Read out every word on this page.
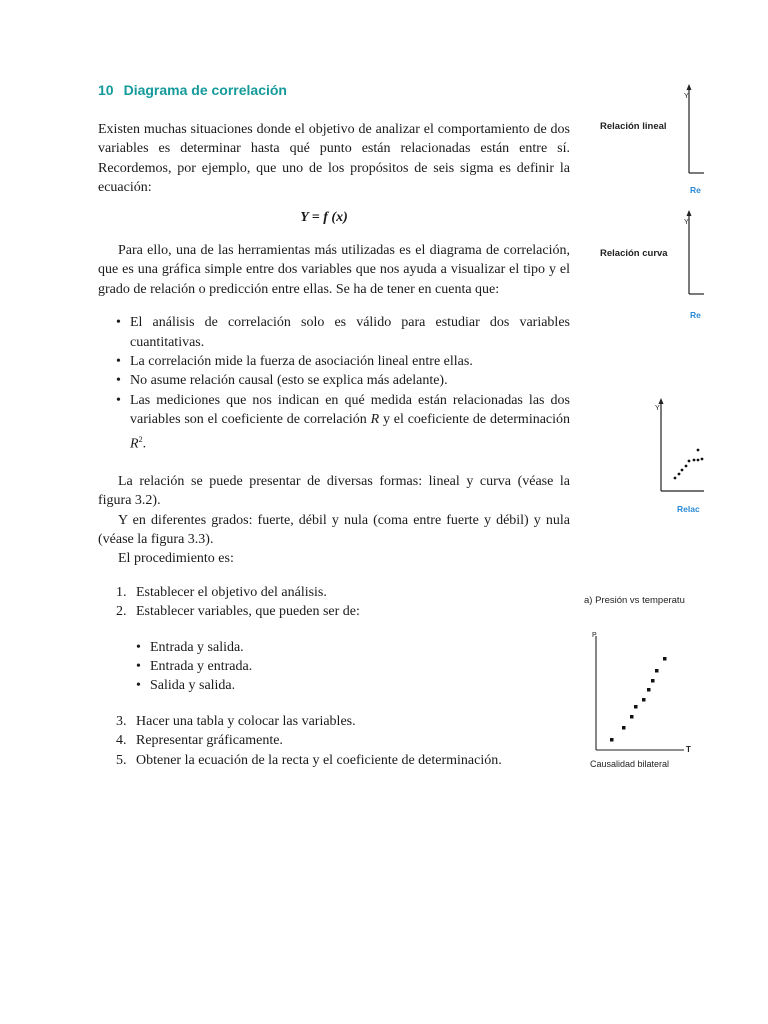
10 Diagrama de correlación

Existen muchas situaciones donde el objetivo de analizar el comportamiento de dos variables es determinar hasta qué punto están relacionadas están entre sí. Recordemos, por ejemplo, que uno de los propósitos de seis sigma es definir la ecuación:

Y = f (x)

Para ello, una de las herramientas más utilizadas es el diagrama de correlación, que es una gráfica simple entre dos variables que nos ayuda a visualizar el tipo y el grado de relación o predicción entre ellas. Se ha de tener en cuenta que:

• El análisis de correlación solo es válido para estudiar dos variables cuantitativas.
• La correlación mide la fuerza de asociación lineal entre ellas.
• No asume relación causal (esto se explica más adelante).
• Las mediciones que nos indican en qué medida están relacionadas las dos variables son el coeficiente de correlación R y el coeficiente de determinación $R^2$.

La relación se puede presentar de diversas formas: lineal y curva (véase la figura 3.2).

Y en diferentes grados: fuerte, débil y nula (coma entre fuerte y débil) y nula (véase la figura 3.3).

El procedimiento es:

1. Establecer el objetivo del análisis.
2. Establecer variables, que pueden ser de:
• Entrada y salida.
• Entrada y entrada.
• Salida y salida.
3. Hacer una tabla y colocar las variables.
4. Representar gráficamente.
5. Obtener la ecuación de la recta y el coeficiente de determinación.
Relación lineal
Y
Re
Relación curva
Y
Re
Y
Relac
a) Presión vs temperatu
P
T
Causalidad bilateral
